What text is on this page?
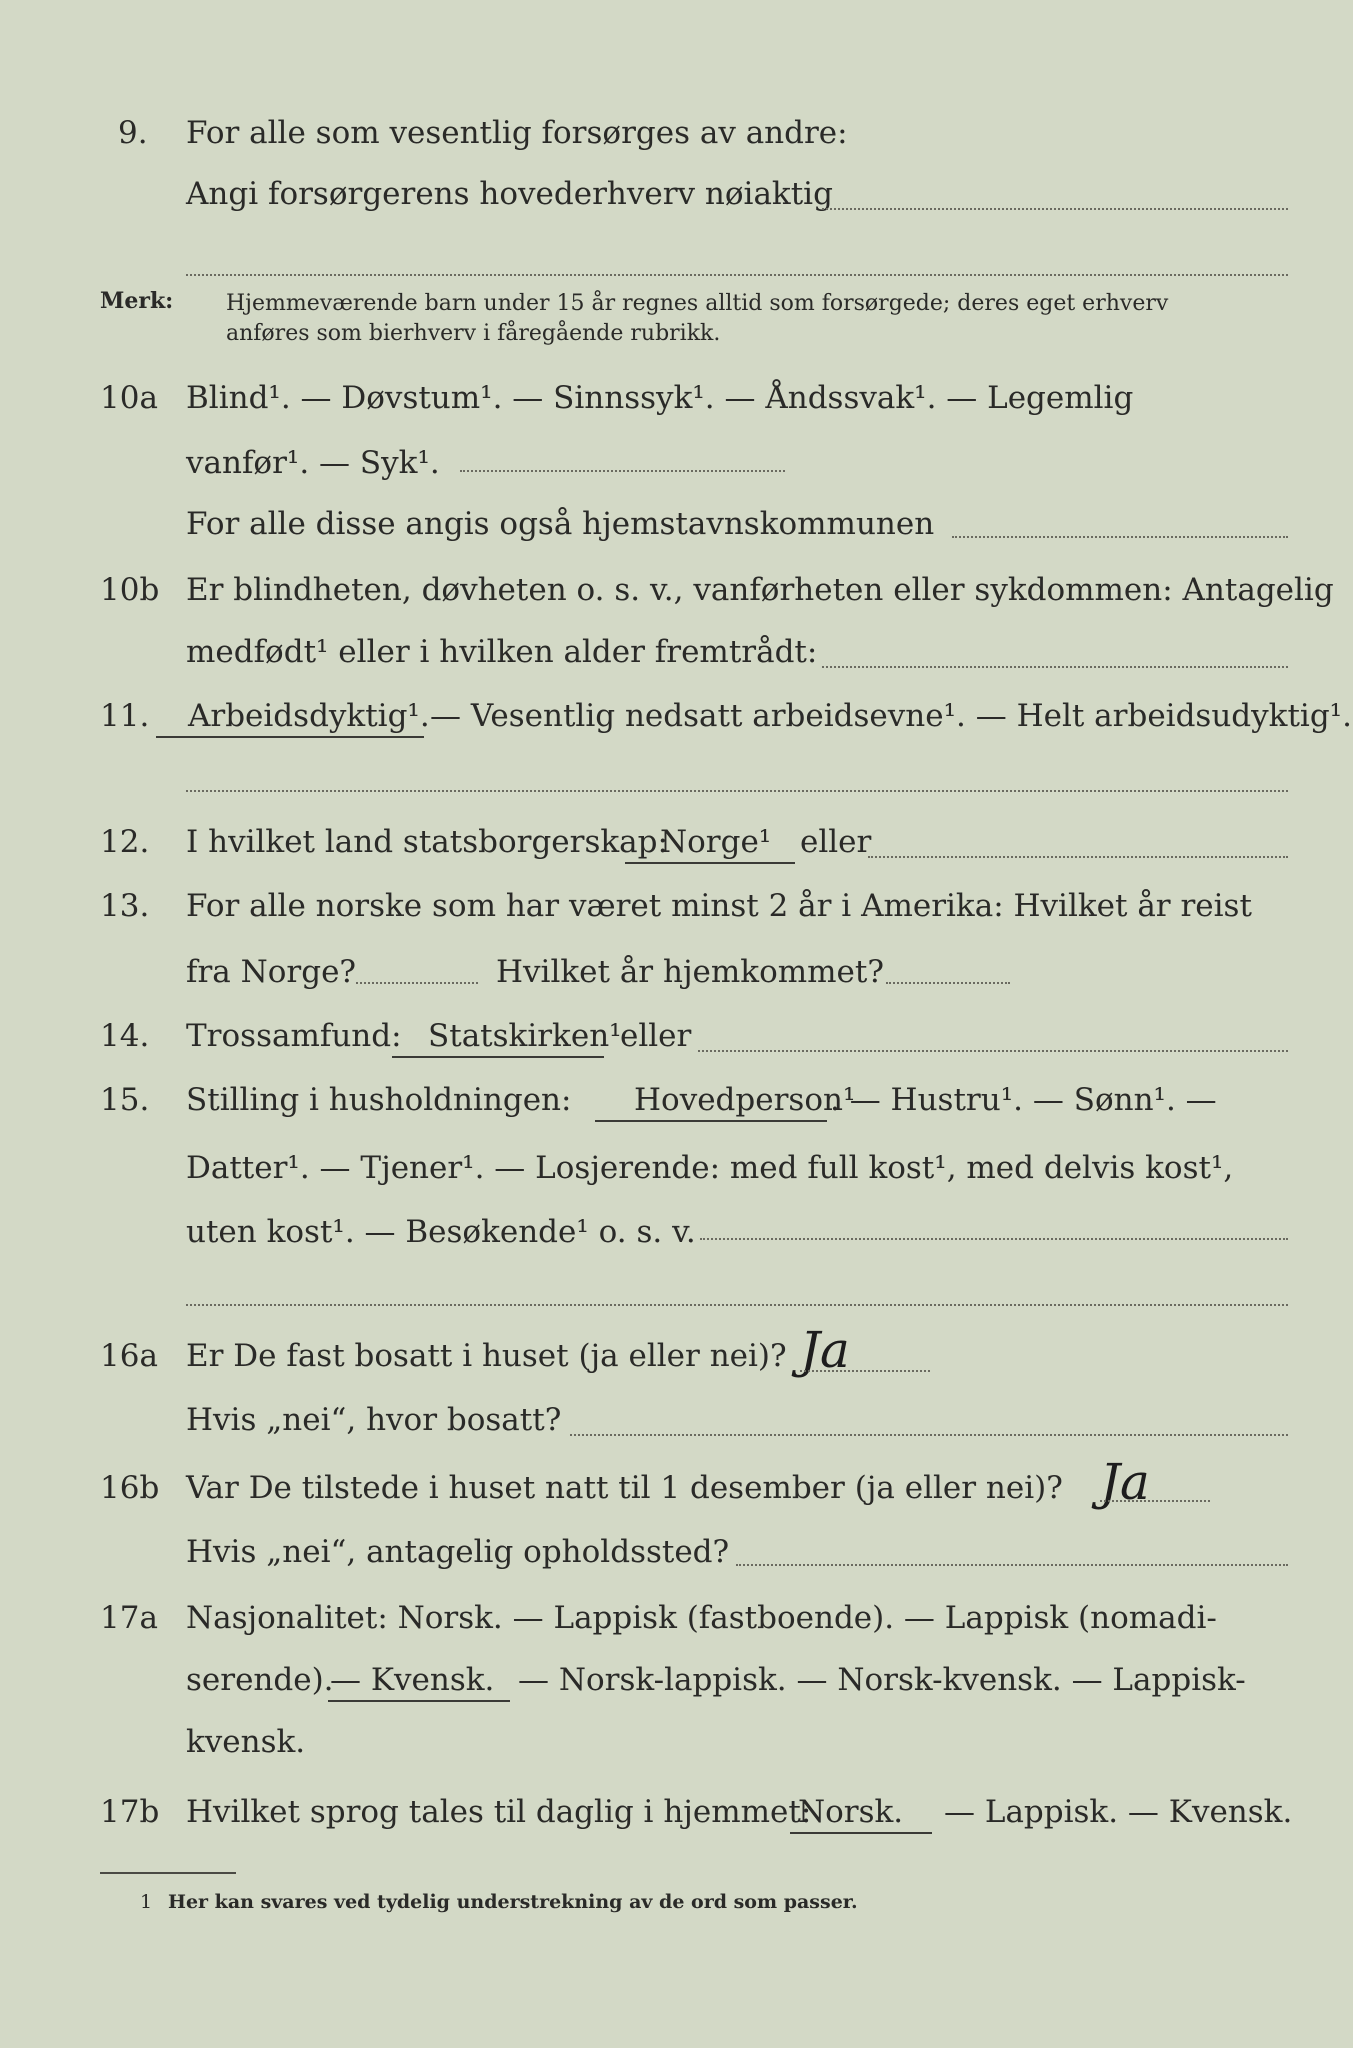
9. For alle som vesentlig forsørges av andre:
Angi forsørgerens hovederhverv nøiaktig
Merk: Hjemmeværende barn under 15 år regnes alltid som forsørgede; deres eget erhverv
anføres som bierhverv i fåregående rubrikk.
10a Blind¹. — Døvstum¹. — Sinnssyk¹. — Åndssvak¹. — Legemlig
vanfør¹. — Syk¹.
For alle disse angis også hjemstavnskommunen
10b Er blindheten, døvheten o. s. v., vanførheten eller sykdommen: Antagelig
medfødt¹ eller i hvilken alder fremtrådt:
11. Arbeidsdyktig¹. — Vesentlig nedsatt arbeidsevne¹. — Helt arbeidsudyktig¹.
12. I hvilket land statsborgerskap:
Norge¹ eller
13. For alle norske som har været minst 2 år i Amerika: Hvilket år reist
fra Norge?	Hvilket år hjemkommet?
14. Trossamfund: Statskirken¹
eller
15. Stilling i husholdningen: Hovedperson¹
. — Hustru¹. — Sønn¹. —
Datter¹. — Tjener¹. — Losjerende: med full kost¹, med delvis kost¹,
uten kost¹. — Besøkende¹ o. s. v.
16a Er De fast bosatt i huset (ja eller nei)? Ja
Hvis „nei“, hvor bosatt?
16b Var De tilstede i huset natt til 1 desember (ja eller nei)? Ja
Hvis „nei“, antagelig opholdssted?
17a Nasjonalitet: Norsk. — Lappisk (fastboende). — Lappisk (nomadi-
serende).
— Kvensk. — Norsk-lappisk. — Norsk-kvensk. — Lappisk-
kvensk.
17b Hvilket sprog tales til daglig i hjemmet:
Norsk. — Lappisk. — Kvensk.
1 Her kan svares ved tydelig understrekning av de ord som passer.
